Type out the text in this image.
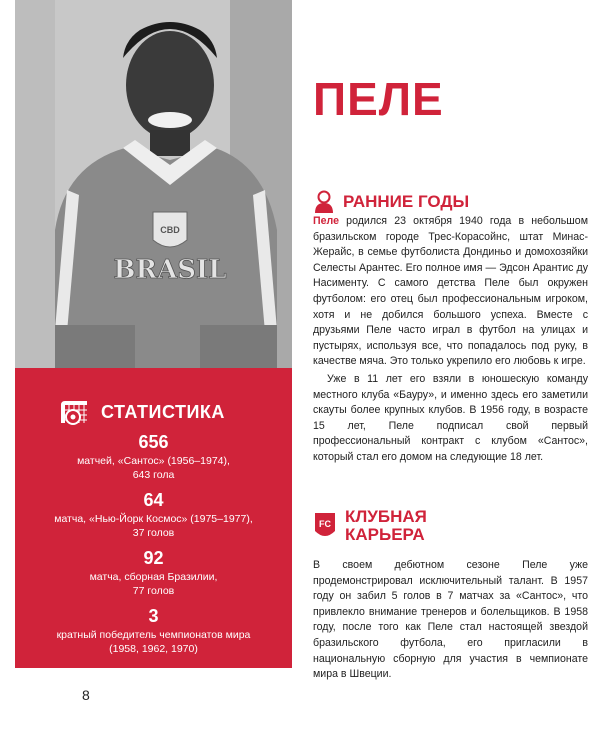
CBD
BRASIL
СТАТИСТИКА
656
матчей, «Сантос» (1956–1974),
643 гола
64
матча, «Нью-Йорк Космос» (1975–1977),
37 голов
92
матча, сборная Бразилии,
77 голов
3
кратный победитель чемпионатов мира
(1958, 1962, 1970)
ПЕЛЕ
РАННИЕ ГОДЫ

Пеле родился 23 октября 1940 года в небольшом бразильском городе Трес-Корасойнс, штат Минас-Жерайс, в семье футболиста Дондиньо и домохозяйки Селесты Арантес. Его полное имя — Эдсон Арантис ду Насименту. С самого детства Пеле был окружен футболом: его отец был профессиональным игроком, хотя и не добился большого успеха. Вместе с друзьями Пеле часто играл в футбол на улицах и пустырях, используя все, что попадалось под руку, в качестве мяча. Это только укрепило его любовь к игре.

Уже в 11 лет его взяли в юношескую команду местного клуба «Бауру», и именно здесь его заметили скауты более крупных клубов. В 1956 году, в возрасте 15 лет, Пеле подписал свой первый профессиональный контракт с клубом «Сантос», который стал его домом на следующие 18 лет.

FC КЛУБНАЯ
КАРЬЕРА

В своем дебютном сезоне Пеле уже продемонстрировал исключительный талант. В 1957 году он забил 5 голов в 7 матчах за «Сантос», что привлекло внимание тренеров и болельщиков. В 1958 году, после того как Пеле стал настоящей звездой бразильского футбола, его пригласили в национальную сборную для участия в чемпионате мира в Швеции.

8
